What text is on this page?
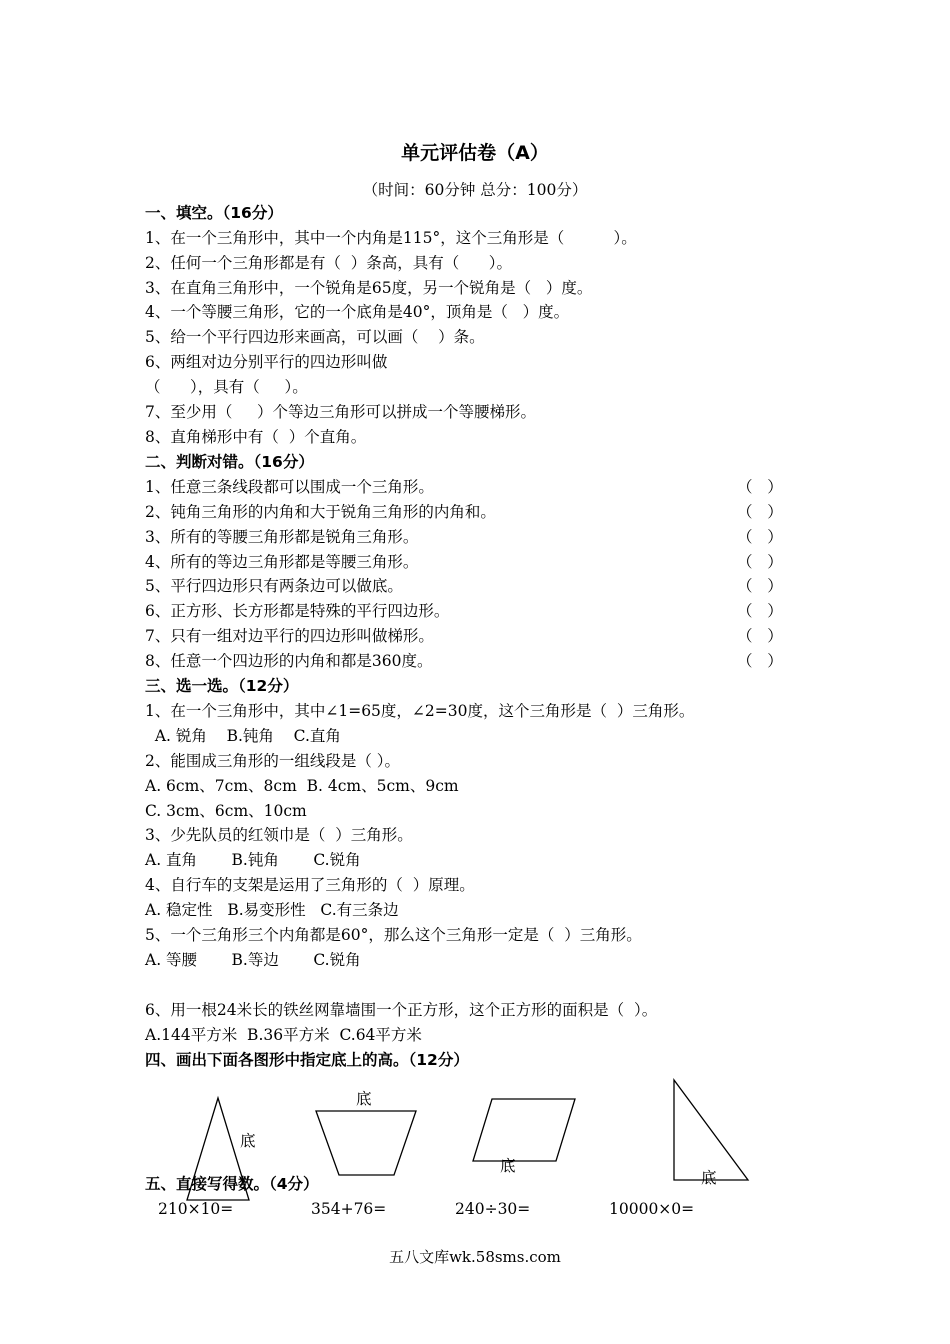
单元评估卷（A）
（时间：60分钟 总分：100分）
一、填空。（16分）
1、在一个三角形中，其中一个内角是115°，这个三角形是（          ）。
2、任何一个三角形都是有（  ）条高，具有（      ）。
3、在直角三角形中，一个锐角是65度，另一个锐角是（   ）度。
4、一个等腰三角形，它的一个底角是40°，顶角是（   ）度。
5、给一个平行四边形来画高，可以画（    ）条。
6、两组对边分别平行的四边形叫做
（      ），具有（     ）。
7、至少用（     ）个等边三角形可以拼成一个等腰梯形。
8、直角梯形中有（  ）个直角。
二、判断对错。（16分）
1、任意三条线段都可以围成一个三角形。	（   ）
2、钝角三角形的内角和大于锐角三角形的内角和。	（   ）
3、所有的等腰三角形都是锐角三角形。	（   ）
4、所有的等边三角形都是等腰三角形。	（   ）
5、平行四边形只有两条边可以做底。	（   ）
6、正方形、长方形都是特殊的平行四边形。	（   ）
7、只有一组对边平行的四边形叫做梯形。	（   ）
8、任意一个四边形的内角和都是360度。	（   ）
三、选一选。（12分）
1、在一个三角形中，其中∠1=65度，∠2=30度，这个三角形是（  ）三角形。
A. 锐角    B.钝角    C.直角
2、能围成三角形的一组线段是（ ）。
A. 6cm、7cm、8cm  B. 4cm、5cm、9cm
C. 3cm、6cm、10cm
3、少先队员的红领巾是（  ）三角形。
A. 直角       B.钝角       C.锐角
4、自行车的支架是运用了三角形的（  ）原理。
A. 稳定性   B.易变形性   C.有三条边
5、一个三角形三个内角都是60°，那么这个三角形一定是（  ）三角形。
A. 等腰       B.等边       C.锐角
6、用一根24米长的铁丝网靠墙围一个正方形，这个正方形的面积是（  ）。
A.144平方米  B.36平方米  C.64平方米
四、画出下面各图形中指定底上的高。（12分）
底
底
底
底
五、直接写得数。（4分）
210×10=	354+76=	240÷30=	10000×0=
五八文库wk.58sms.com
